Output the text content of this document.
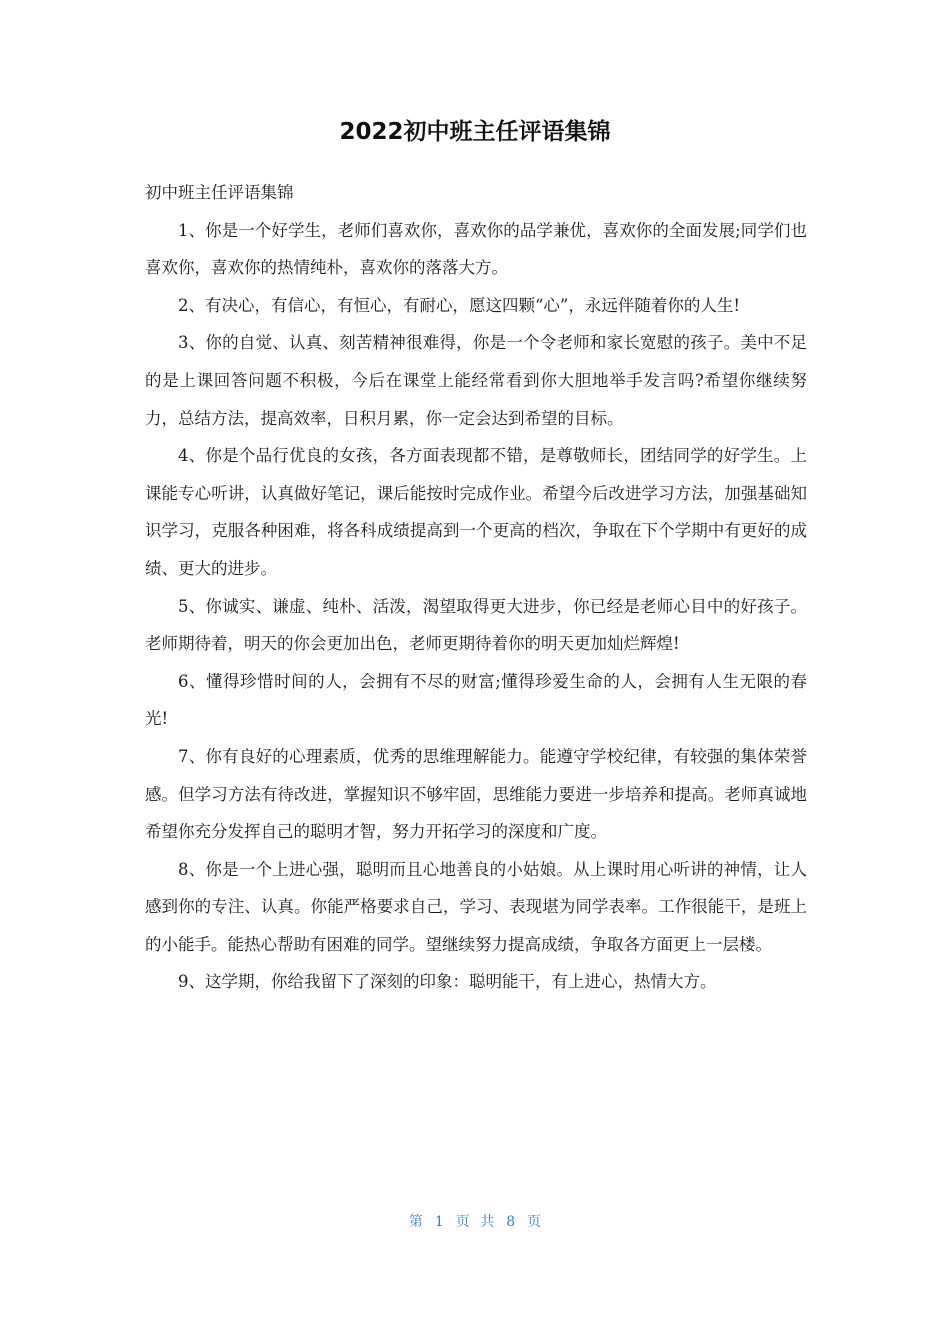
2022初中班主任评语集锦

初中班主任评语集锦

1、你是一个好学生，老师们喜欢你，喜欢你的品学兼优，喜欢你的全面发展;同学们也喜欢你，喜欢你的热情纯朴，喜欢你的落落大方。

2、有决心，有信心，有恒心，有耐心，愿这四颗“心”，永远伴随着你的人生!

3、你的自觉、认真、刻苦精神很难得，你是一个令老师和家长宽慰的孩子。美中不足的是上课回答问题不积极，今后在课堂上能经常看到你大胆地举手发言吗?希望你继续努力，总结方法，提高效率，日积月累，你一定会达到希望的目标。

4、你是个品行优良的女孩，各方面表现都不错，是尊敬师长，团结同学的好学生。上课能专心听讲，认真做好笔记，课后能按时完成作业。希望今后改进学习方法，加强基础知识学习，克服各种困难，将各科成绩提高到一个更高的档次，争取在下个学期中有更好的成绩、更大的进步。

5、你诚实、谦虚、纯朴、活泼，渴望取得更大进步，你已经是老师心目中的好孩子。老师期待着，明天的你会更加出色，老师更期待着你的明天更加灿烂辉煌!

6、懂得珍惜时间的人，会拥有不尽的财富;懂得珍爱生命的人，会拥有人生无限的春光!

7、你有良好的心理素质，优秀的思维理解能力。能遵守学校纪律，有较强的集体荣誉感。但学习方法有待改进，掌握知识不够牢固，思维能力要进一步培养和提高。老师真诚地希望你充分发挥自己的聪明才智，努力开拓学习的深度和广度。

8、你是一个上进心强，聪明而且心地善良的小姑娘。从上课时用心听讲的神情，让人感到你的专注、认真。你能严格要求自己，学习、表现堪为同学表率。工作很能干，是班上的小能手。能热心帮助有困难的同学。望继续努力提高成绩，争取各方面更上一层楼。

9、这学期，你给我留下了深刻的印象：聪明能干，有上进心，热情大方。

第 1 页 共 8 页
